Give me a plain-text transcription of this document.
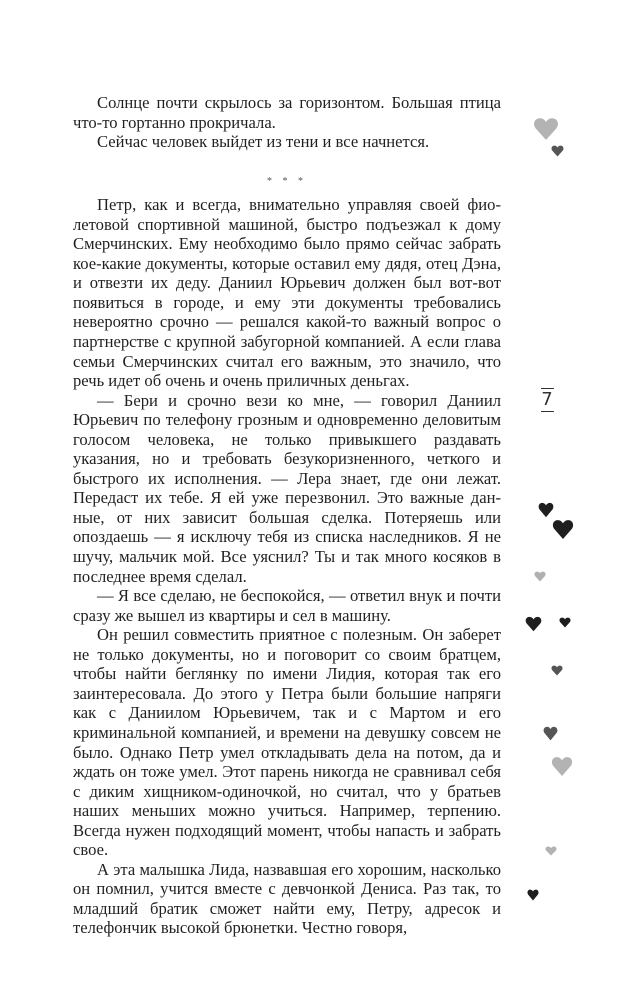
Солнце почти скрылось за горизонтом. Большая птица что-то гортанно прокричала.

Сейчас человек выйдет из тени и все начнется.

* * *

Петр, как и всегда, внимательно управляя своей фиолетовой спортивной машиной, быстро подъезжал к дому Смерчинских. Ему необходимо было прямо сейчас забрать кое-какие документы, которые оставил ему дядя, отец Дэна, и отвезти их деду. Даниил Юрьевич должен был вот-вот появиться в городе, и ему эти документы требовались невероятно срочно — решался какой-то важный вопрос о партнерстве с крупной забугорной компанией. А если глава семьи Смерчинских считал его важным, это значило, что речь идет об очень и очень приличных деньгах.

— Бери и срочно вези ко мне, — говорил Даниил Юрьевич по телефону грозным и одновременно деловитым голосом человека, не только привыкшего раздавать указания, но и требовать безукоризненного, четкого и быстрого их исполнения. — Лера знает, где они лежат. Передаст их тебе. Я ей уже перезвонил. Это важные данные, от них зависит большая сделка. Потеряешь или опоздаешь — я исключу тебя из списка наследников. Я не шучу, мальчик мой. Все уяснил? Ты и так много косяков в последнее время сделал.

— Я все сделаю, не беспокойся, — ответил внук и почти сразу же вышел из квартиры и сел в машину.

Он решил совместить приятное с полезным. Он заберет не только документы, но и поговорит со своим братцем, чтобы найти беглянку по имени Лидия, которая так его заинтересовала. До этого у Петра были большие напряги как с Даниилом Юрьевичем, так и с Мартом и его криминальной компанией, и времени на девушку совсем не было. Однако Петр умел откладывать дела на потом, да и ждать он тоже умел. Этот парень никогда не сравнивал себя с диким хищником-одиночкой, но считал, что у братьев наших меньших можно учиться. Например, терпению. Всегда нужен подходящий момент, чтобы напасть и забрать свое.

А эта малышка Лида, назвавшая его хорошим, насколько он помнил, учится вместе с девчонкой Дениса. Раз так, то младший братик сможет найти ему, Петру, адресок и телефончик высокой брюнетки. Честно говоря,

7
